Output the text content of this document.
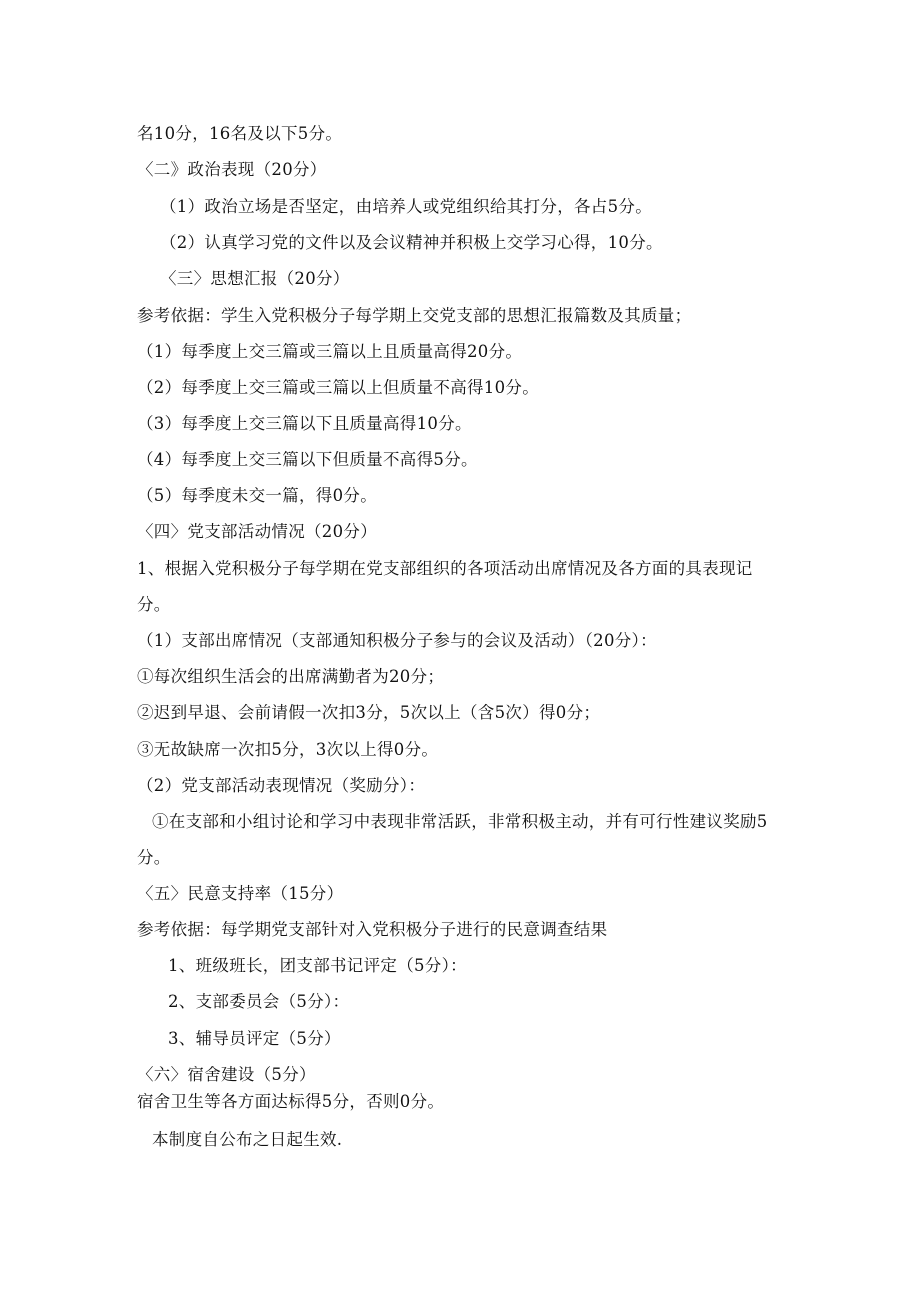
名10分，16名及以下5分。
〈二》政治表现（20分）
（1）政治立场是否坚定，由培养人或党组织给其打分，各占5分。
（2）认真学习党的文件以及会议精神并积极上交学习心得，10分。
〈三〉思想汇报（20分）
参考依据：学生入党积极分子每学期上交党支部的思想汇报篇数及其质量；
（1）每季度上交三篇或三篇以上且质量高得20分。
（2）每季度上交三篇或三篇以上但质量不高得10分。
（3）每季度上交三篇以下且质量高得10分。
（4）每季度上交三篇以下但质量不高得5分。
（5）每季度未交一篇，得0分。
〈四〉党支部活动情况（20分）
1、根据入党积极分子每学期在党支部组织的各项活动出席情况及各方面的具表现记
分。
（1）支部出席情况（支部通知积极分子参与的会议及活动）（20分）：
①每次组织生活会的出席满勤者为20分；
②迟到早退、会前请假一次扣3分，5次以上（含5次）得0分；
③无故缺席一次扣5分，3次以上得0分。
（2）党支部活动表现情况（奖励分）：
①在支部和小组讨论和学习中表现非常活跃，非常积极主动，并有可行性建议奖励5
分。
〈五〉民意支持率（15分）
参考依据：每学期党支部针对入党积极分子进行的民意调查结果
1、班级班长，团支部书记评定（5分）：
2、支部委员会（5分）：
3、辅导员评定（5分）
〈六〉宿舍建设（5分）
宿舍卫生等各方面达标得5分，否则0分。
本制度自公布之日起生效.
